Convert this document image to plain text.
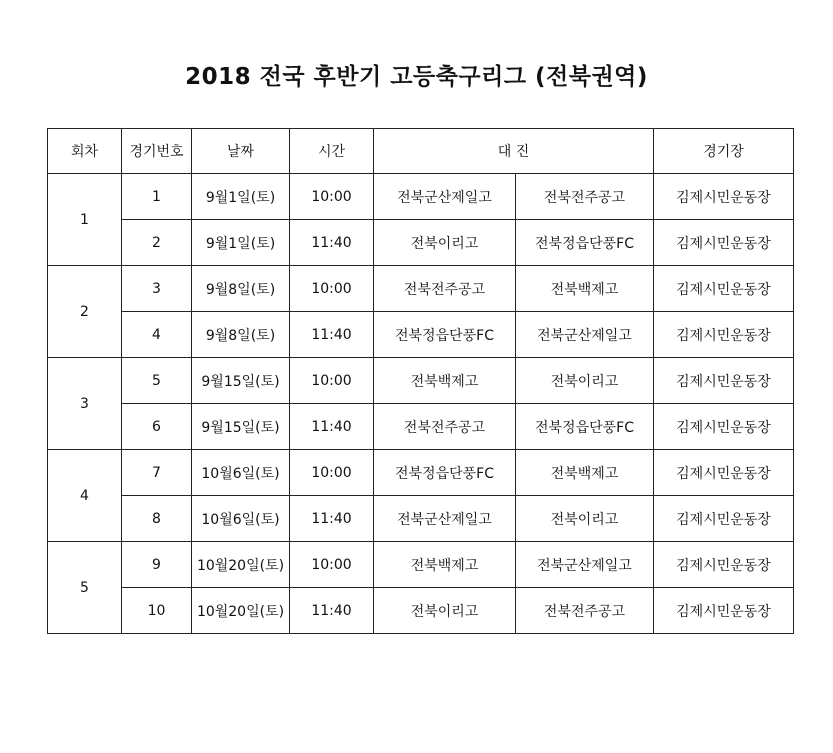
2018 전국 후반기 고등축구리그 (전북권역)
회차	경기번호	날짜	시간	대 진		경기장
1	1	9월1일(토)	10:00	전북군산제일고	전북전주공고	김제시민운동장
	2	9월1일(토)	11:40	전북이리고	전북정읍단풍FC	김제시민운동장
2	3	9월8일(토)	10:00	전북전주공고	전북백제고	김제시민운동장
	4	9월8일(토)	11:40	전북정읍단풍FC	전북군산제일고	김제시민운동장
3	5	9월15일(토)	10:00	전북백제고	전북이리고	김제시민운동장
	6	9월15일(토)	11:40	전북전주공고	전북정읍단풍FC	김제시민운동장
4	7	10월6일(토)	10:00	전북정읍단풍FC	전북백제고	김제시민운동장
	8	10월6일(토)	11:40	전북군산제일고	전북이리고	김제시민운동장
5	9	10월20일(토)	10:00	전북백제고	전북군산제일고	김제시민운동장
	10	10월20일(토)	11:40	전북이리고	전북전주공고	김제시민운동장
